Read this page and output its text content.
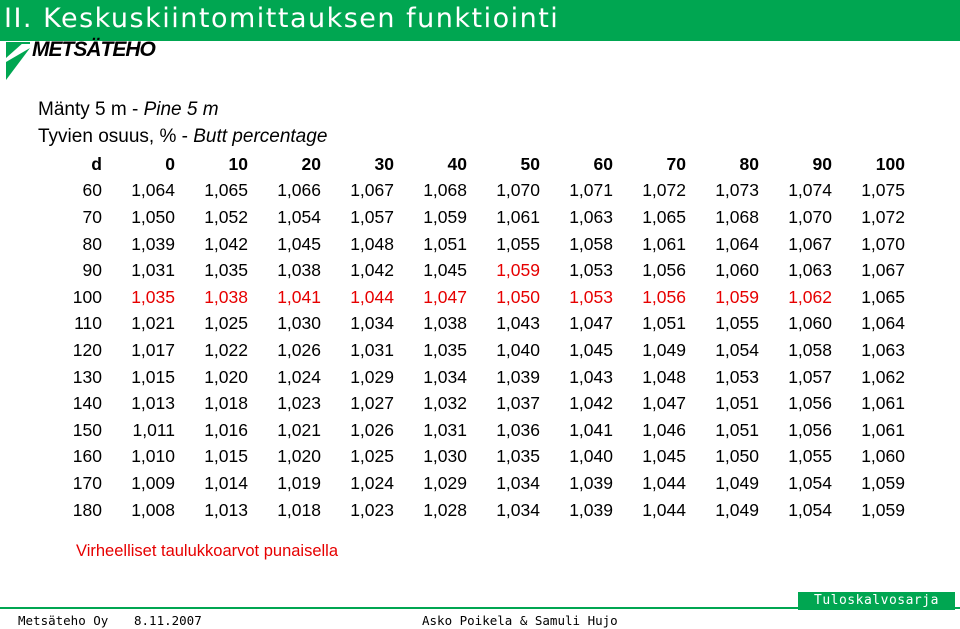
II. Keskuskiintomittauksen funktiointi
METSÄTEHO
Mänty 5 m - Pine 5 m
Tyvien osuus, % - Butt percentage
d	0	10	20	30	40	50	60	70	80	90	100
60	1,064	1,065	1,066	1,067	1,068	1,070	1,071	1,072	1,073	1,074	1,075
70	1,050	1,052	1,054	1,057	1,059	1,061	1,063	1,065	1,068	1,070	1,072
80	1,039	1,042	1,045	1,048	1,051	1,055	1,058	1,061	1,064	1,067	1,070
90	1,031	1,035	1,038	1,042	1,045	1,059	1,053	1,056	1,060	1,063	1,067
100	1,035	1,038	1,041	1,044	1,047	1,050	1,053	1,056	1,059	1,062	1,065
110	1,021	1,025	1,030	1,034	1,038	1,043	1,047	1,051	1,055	1,060	1,064
120	1,017	1,022	1,026	1,031	1,035	1,040	1,045	1,049	1,054	1,058	1,063
130	1,015	1,020	1,024	1,029	1,034	1,039	1,043	1,048	1,053	1,057	1,062
140	1,013	1,018	1,023	1,027	1,032	1,037	1,042	1,047	1,051	1,056	1,061
150	1,011	1,016	1,021	1,026	1,031	1,036	1,041	1,046	1,051	1,056	1,061
160	1,010	1,015	1,020	1,025	1,030	1,035	1,040	1,045	1,050	1,055	1,060
170	1,009	1,014	1,019	1,024	1,029	1,034	1,039	1,044	1,049	1,054	1,059
180	1,008	1,013	1,018	1,023	1,028	1,034	1,039	1,044	1,049	1,054	1,059
Virheelliset taulukkoarvot punaisella
Tuloskalvosarja
Metsäteho Oy 8.11.2007	Asko Poikela & Samuli Hujo
